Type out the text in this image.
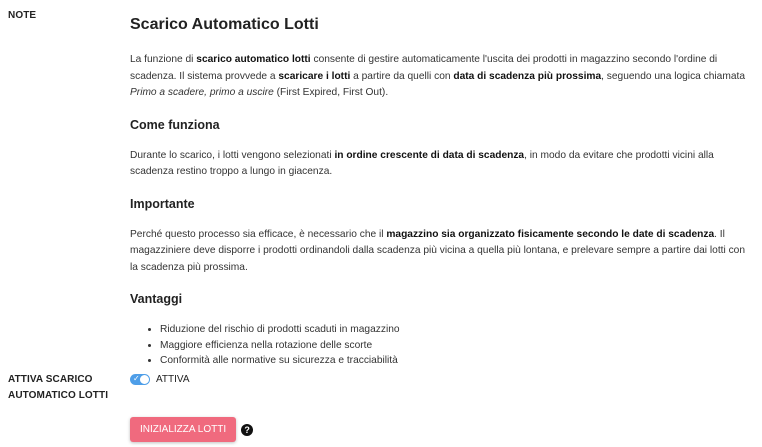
NOTE
Scarico Automatico Lotti

La funzione di scarico automatico lotti consente di gestire automaticamente l'uscita dei prodotti in magazzino secondo l'ordine di scadenza. Il sistema provvede a scaricare i lotti a partire da quelli con data di scadenza più prossima, seguendo una logica chiamata Primo a scadere, primo a uscire (First Expired, First Out).

Come funziona

Durante lo scarico, i lotti vengono selezionati in ordine crescente di data di scadenza, in modo da evitare che prodotti vicini alla scadenza restino troppo a lungo in giacenza.

Importante

Perché questo processo sia efficace, è necessario che il magazzino sia organizzato fisicamente secondo le date di scadenza. Il magazziniere deve disporre i prodotti ordinandoli dalla scadenza più vicina a quella più lontana, e prelevare sempre a partire dai lotti con la scadenza più prossima.

Vantaggi
• Riduzione del rischio di prodotti scaduti in magazzino
• Maggiore efficienza nella rotazione delle scorte
• Conformità alle normative su sicurezza e tracciabilità
ATTIVA SCARICO
AUTOMATICO LOTTI
✓ ATTIVA
INIZIALIZZA LOTTI	?
